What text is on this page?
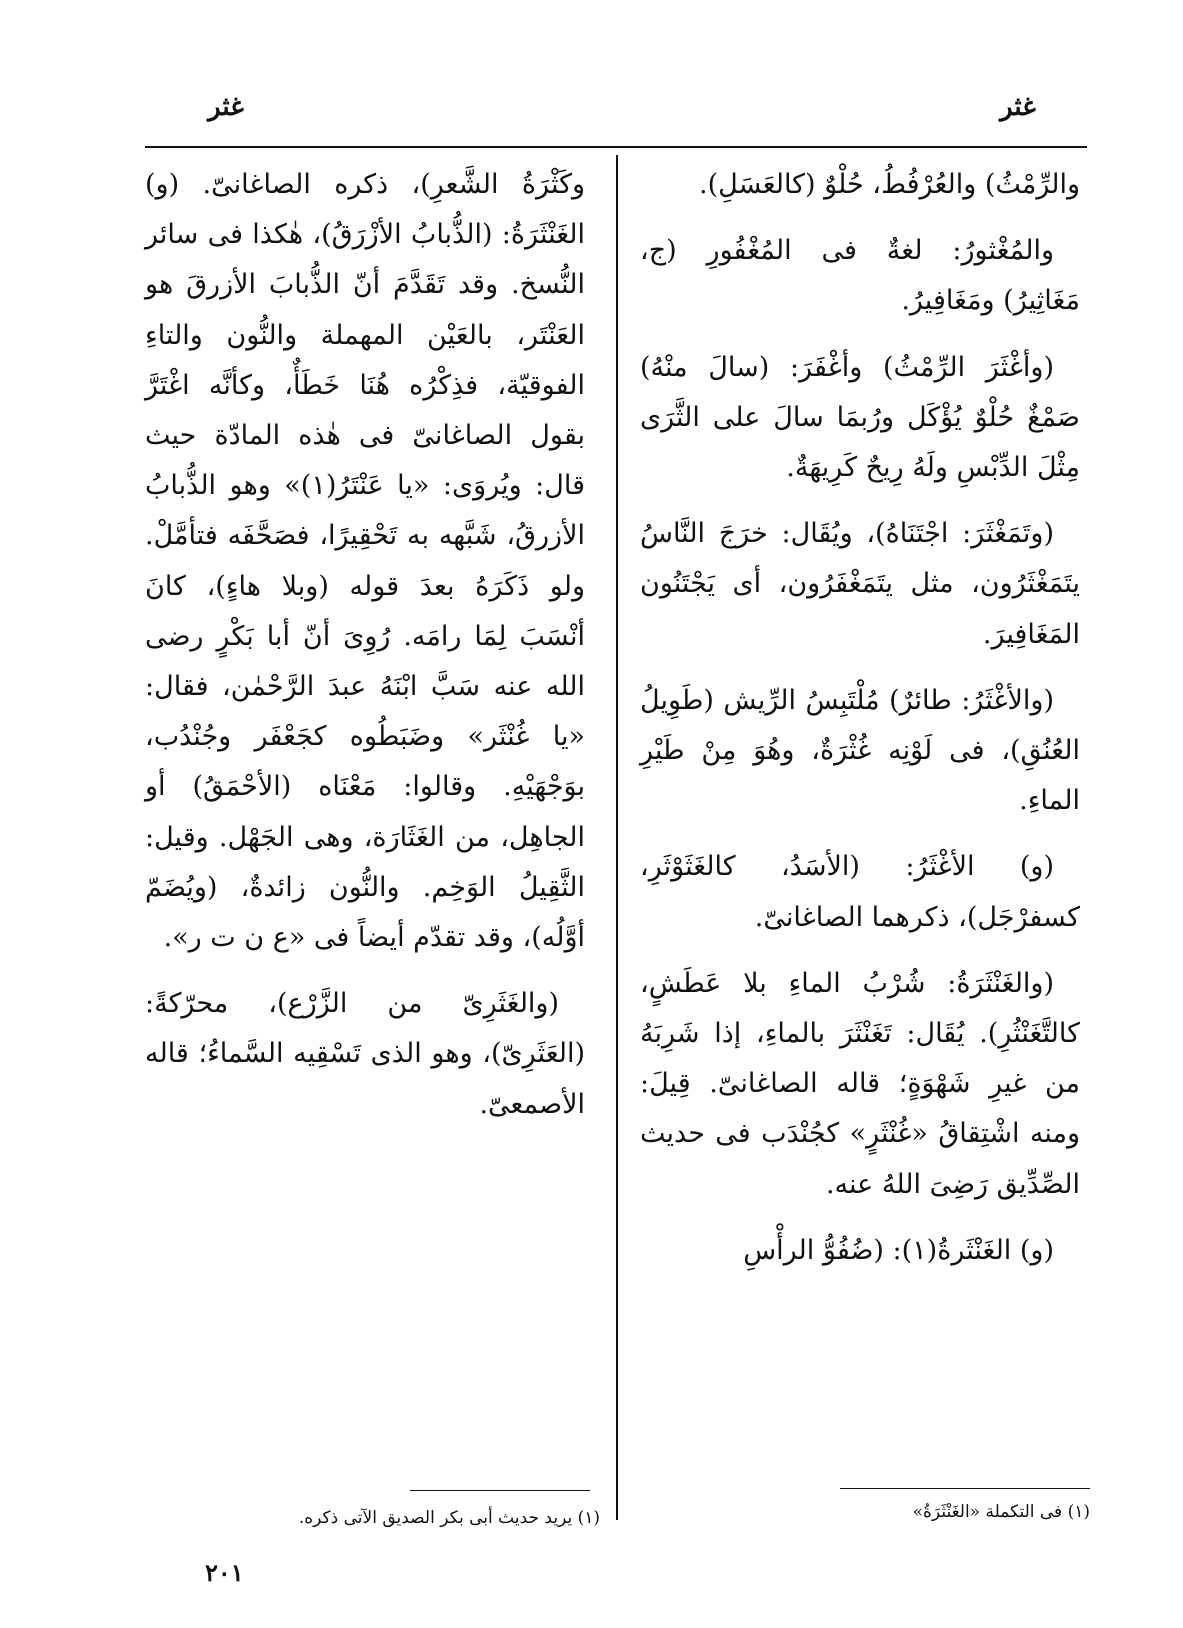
غثر
غثر

والرِّمْثُ) والعُرْفُطُ، حُلْوٌ (كالعَسَلِ).

والمُغْثورُ: لغةٌ فى المُغْفُورِ (ج، مَغَاثِيرُ) ومَغَافِيرُ.

(وأغْثَرَ الرِّمْثُ) وأغْفَرَ: (سالَ منْهُ) صَمْغٌ حُلْوٌ يُؤْكَل ورُبمَا سالَ على الثَّرَى مِثْلَ الدِّبْسِ ولَهُ رِيحٌ كَرِيهَةٌ.

(وتَمَغْثَرَ: اجْتَنَاهُ)، ويُقَال: خرَجَ النَّاسُ يتَمَغْثَرُون، مثل يتَمَغْفَرُون، أى يَجْتَنُون المَغَافِيرَ.

(والأغْثَرُ: طائرٌ) مُلْتَبِسُ الرِّيش (طَوِيلُ العُنُقِ)، فى لَوْنِه غُثْرَةٌ، وهُوَ مِنْ طَيْرِ الماءِ.

(و) الأغْثَرُ: (الأسَدُ، كالغَثَوْثَرِ، كسفرْجَل)، ذكرهما الصاغانىّ.

(والغَنْثَرَةُ: شُرْبُ الماءِ بلا عَطَشٍ، كالتَّغَنْثُرِ). يُقَال: تَغَنْثَرَ بالماءِ، إذا شَرِبَهُ من غيرِ شَهْوَةٍ؛ قاله الصاغانىّ. قِيلَ: ومنه اشْتِقاقُ «غُنْثَرٍ» كجُنْدَب فى حديث الصِّدِّيق رَضِىَ اللهُ عنه.

(و) الغَنْثَرةُ(١): (ضُفُوُّ الرأْسِ

وكَثْرَةُ الشَّعرِ)، ذكره الصاغانىّ. (و) الغَنْثَرَةُ: (الذُّبابُ الأزْرَقُ)، هٰكذا فى سائر النُّسخ. وقد تَقَدَّمَ أنّ الذُّبابَ الأزرقَ هو العَنْتَر، بالعَيْن المهملة والنُّون والتاءِ الفوقيّة، فذِكْرُه هُنَا خَطَأٌ، وكأنَّه اغْتَرَّ بقول الصاغانىّ فى هٰذه المادّة حيث قال: ويُروَى: «يا عَنْتَرُ(١)» وهو الذُّبابُ الأزرقُ، شَبَّهه به تَحْقِيرًا، فصَحَّفَه فتأمَّلْ. ولو ذَكَرَهُ بعدَ قوله (وبلا هاءٍ)، كانَ أنْسَبَ لِمَا رامَه. رُوِىَ أنّ أبا بَكْرٍ رضى الله عنه سَبَّ ابْنَهُ عبدَ الرَّحْمٰن، فقال: «يا غُنْثَر» وضَبَطُوه كجَعْفَر وجُنْدُب، بوَجْهَيْهِ. وقالوا: مَعْنَاه (الأحْمَقُ) أو الجاهِل، من الغَثَارَة، وهى الجَهْل. وقيل: الثَّقِيلُ الوَخِم. والنُّون زائدةٌ، (ويُضَمّ أوَّلُه)، وقد تقدّم أيضاً فى «ع ن ت ر».

(والغَثَرِىّ من الزَّرْع)، محرّكةً: (العَثَرِىّ)، وهو الذى تَسْقِيه السَّماءُ؛ قاله الأصمعىّ.

(١) فى التكملة «الغَنْثَرَةُ»
(١) يريد حديث أبى بكر الصديق الآتى ذكره.
٢٠١
